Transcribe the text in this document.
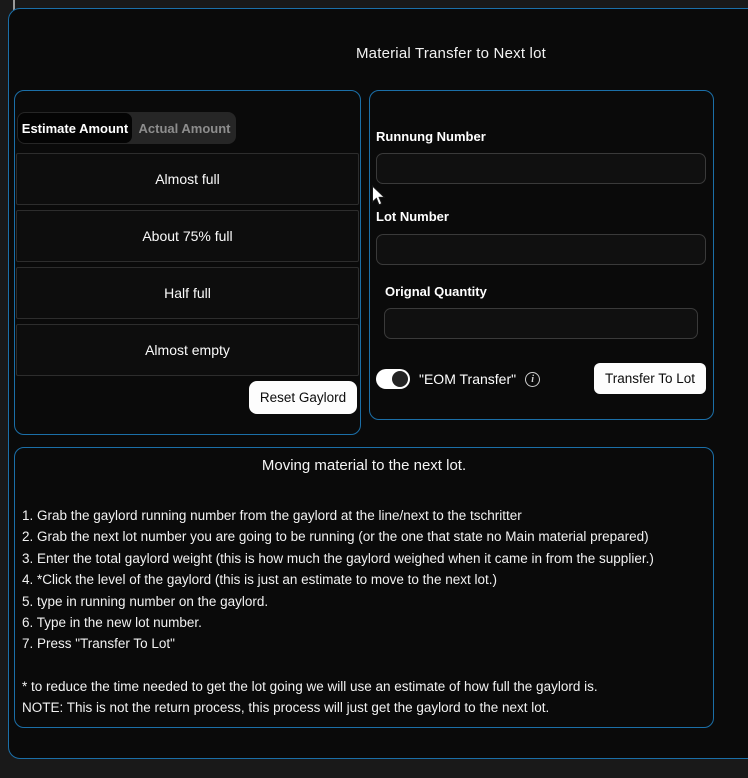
Material Transfer to Next lot
Estimate Amount Actual Amount
Almost full
About 75% full
Half full
Almost empty
Reset Gaylord
Runnung Number
Lot Number
Orignal Quantity
"EOM Transfer"	i	Transfer To Lot
Moving material to the next lot.
1. Grab the gaylord running number from the gaylord at the line/next to the tschritter
2. Grab the next lot number you are going to be running (or the one that state no Main material prepared)
3. Enter the total gaylord weight (this is how much the gaylord weighed when it came in from the supplier.)
4. *Click the level of the gaylord (this is just an estimate to move to the next lot.)
5. type in running number on the gaylord.
6. Type in the new lot number.
7. Press "Transfer To Lot"
* to reduce the time needed to get the lot going we will use an estimate of how full the gaylord is.
NOTE: This is not the return process, this process will just get the gaylord to the next lot.
